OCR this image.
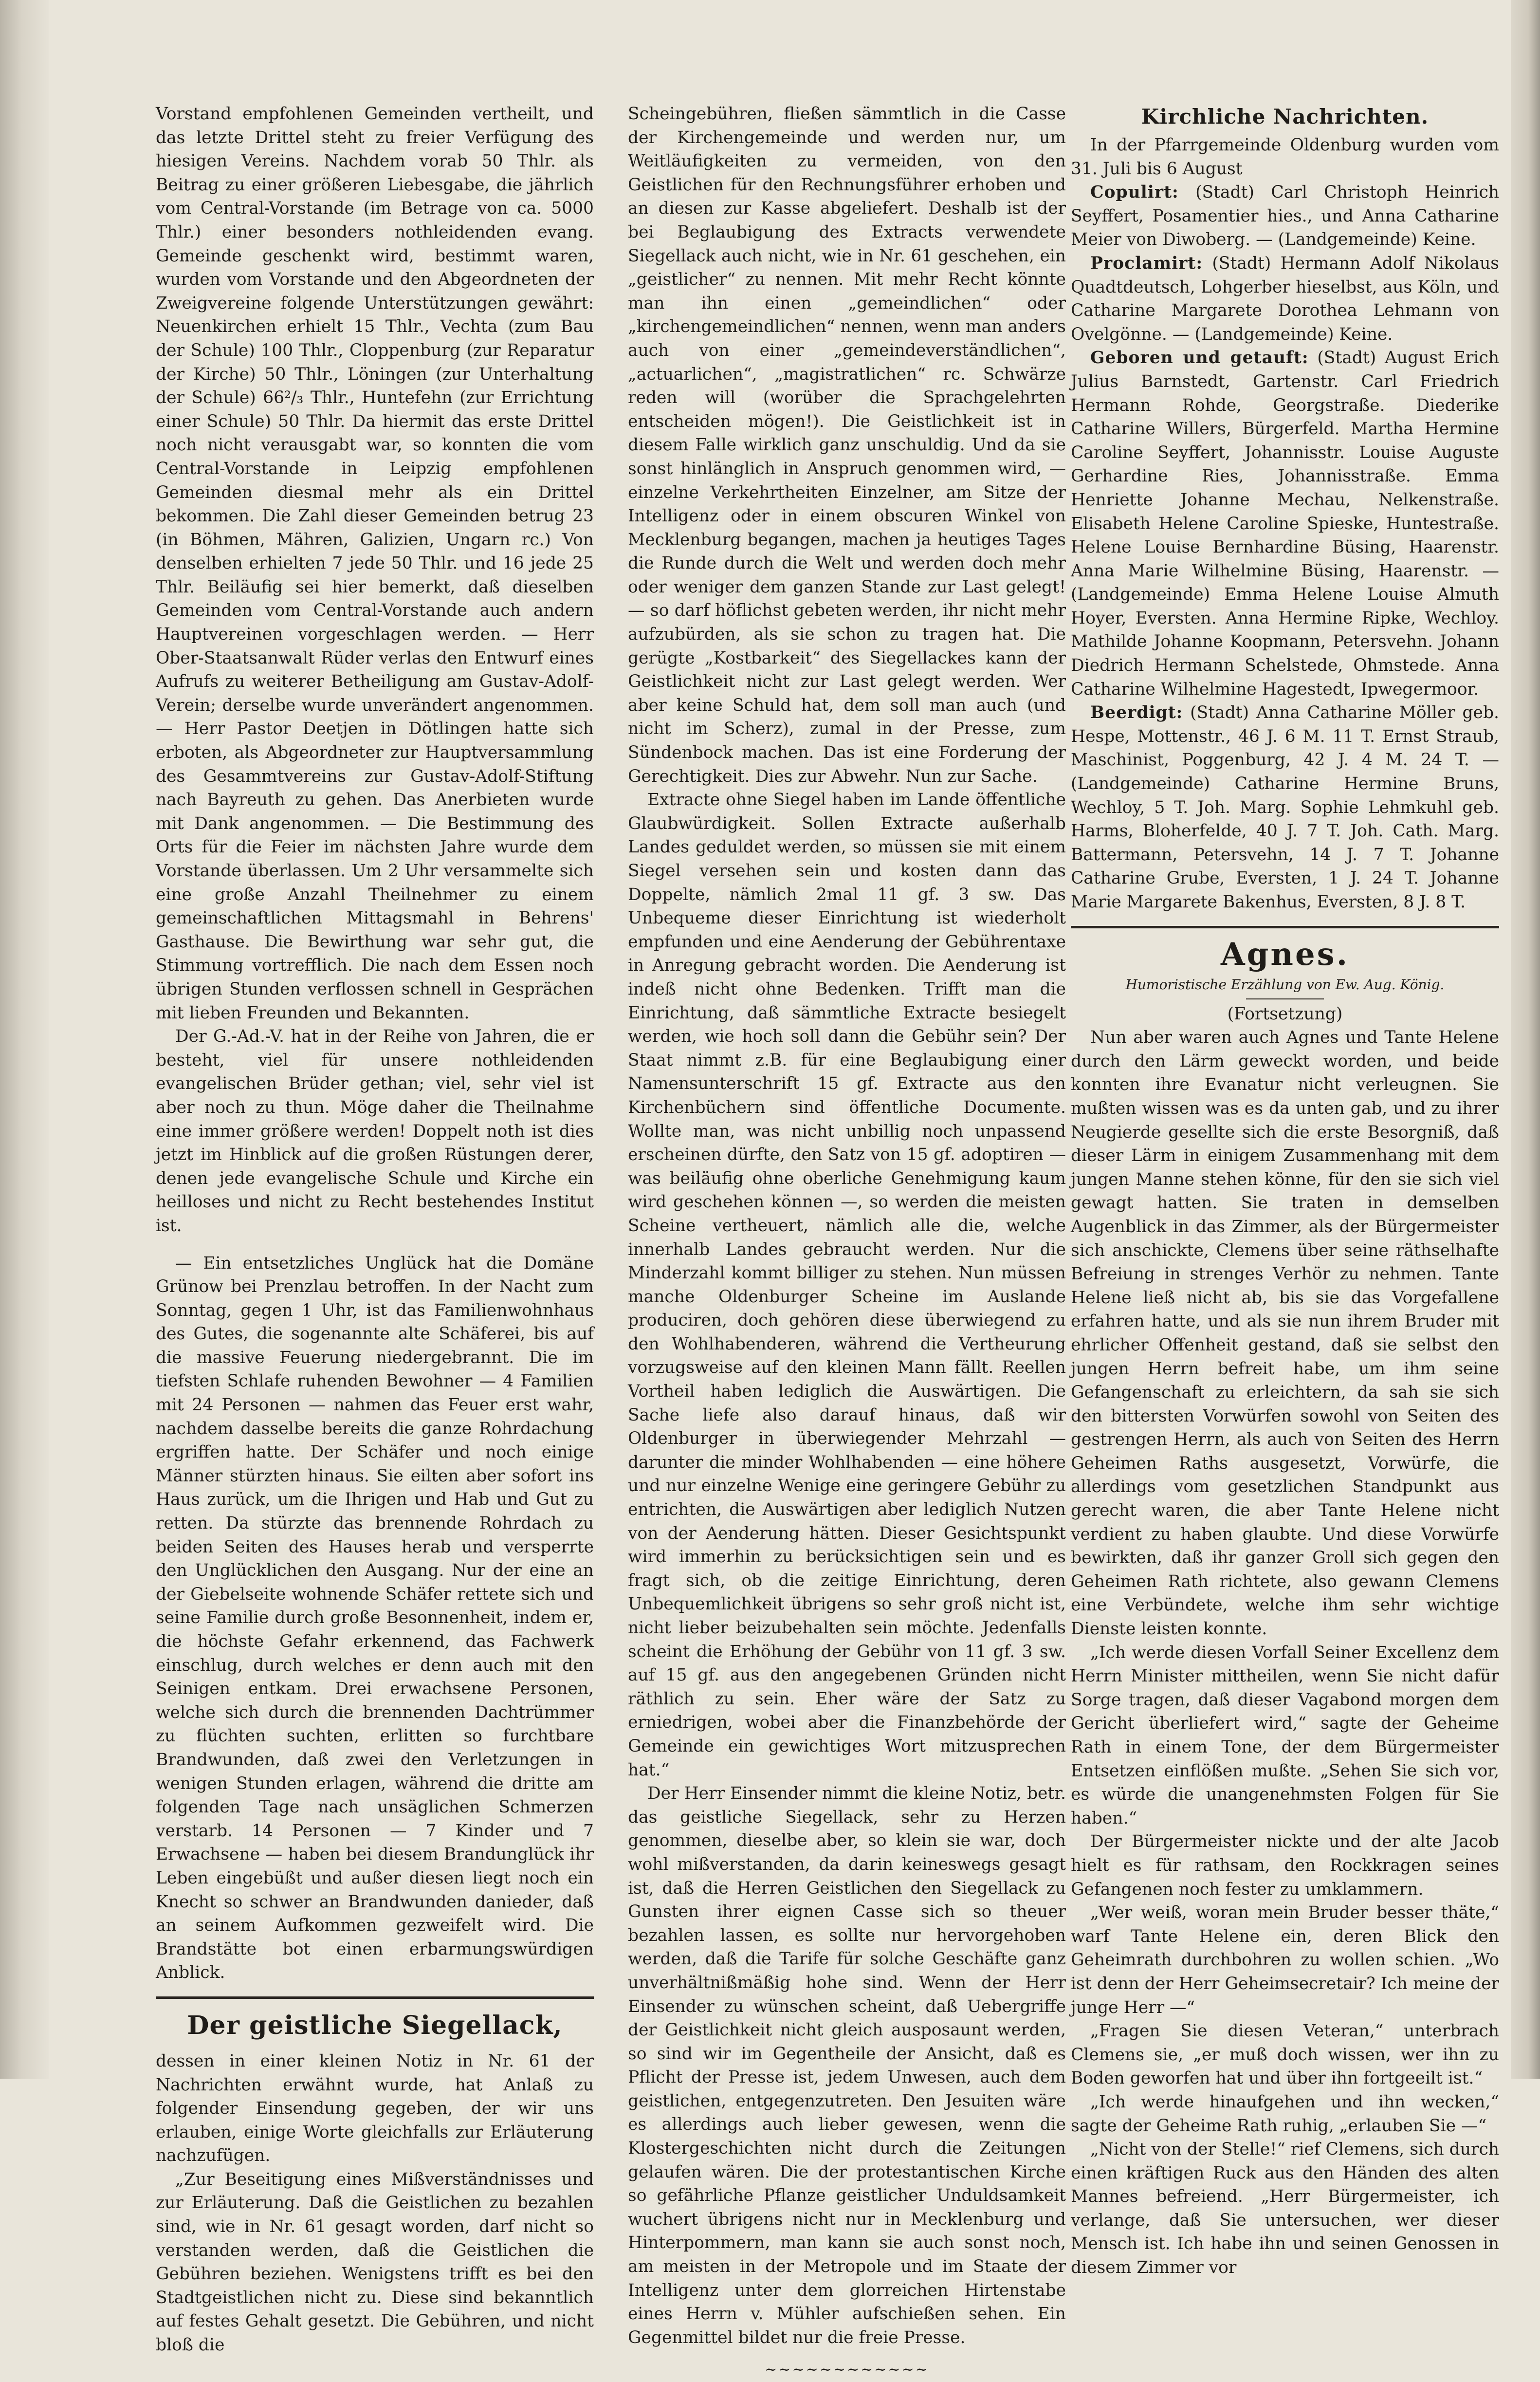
Vorstand empfohlenen Gemeinden vertheilt, und das letzte Drittel steht zu freier Verfügung des hiesigen Vereins. Nachdem vorab 50 Thlr. als Beitrag zu einer größeren Liebesgabe, die jährlich vom Central-Vorstande (im Betrage von ca. 5000 Thlr.) einer besonders nothleidenden evang. Gemeinde geschenkt wird, bestimmt waren, wurden vom Vorstande und den Abgeordneten der Zweigvereine folgende Unterstützungen gewährt: Neuenkirchen erhielt 15 Thlr., Vechta (zum Bau der Schule) 100 Thlr., Cloppenburg (zur Reparatur der Kirche) 50 Thlr., Löningen (zur Unterhaltung der Schule) 66²/₃ Thlr., Huntefehn (zur Errichtung einer Schule) 50 Thlr. Da hiermit das erste Drittel noch nicht verausgabt war, so konnten die vom Central-Vorstande in Leipzig empfohlenen Gemeinden diesmal mehr als ein Drittel bekommen. Die Zahl dieser Gemeinden betrug 23 (in Böhmen, Mähren, Galizien, Ungarn rc.) Von denselben erhielten 7 jede 50 Thlr. und 16 jede 25 Thlr. Beiläufig sei hier bemerkt, daß dieselben Gemeinden vom Central-Vorstande auch andern Hauptvereinen vorgeschlagen werden. — Herr Ober-Staatsanwalt Rüder verlas den Entwurf eines Aufrufs zu weiterer Betheiligung am Gustav-Adolf-Verein; derselbe wurde unverändert angenommen. — Herr Pastor Deetjen in Dötlingen hatte sich erboten, als Abgeordneter zur Hauptversammlung des Gesammtvereins zur Gustav-Adolf-Stiftung nach Bayreuth zu gehen. Das Anerbieten wurde mit Dank angenommen. — Die Bestimmung des Orts für die Feier im nächsten Jahre wurde dem Vorstande überlassen. Um 2 Uhr versammelte sich eine große Anzahl Theilnehmer zu einem gemeinschaftlichen Mittagsmahl in Behrens' Gasthause. Die Bewirthung war sehr gut, die Stimmung vortrefflich. Die nach dem Essen noch übrigen Stunden verflossen schnell in Gesprächen mit lieben Freunden und Bekannten.

Der G.-Ad.-V. hat in der Reihe von Jahren, die er besteht, viel für unsere nothleidenden evangelischen Brüder gethan; viel, sehr viel ist aber noch zu thun. Möge daher die Theilnahme eine immer größere werden! Doppelt noth ist dies jetzt im Hinblick auf die großen Rüstungen derer, denen jede evangelische Schule und Kirche ein heilloses und nicht zu Recht bestehendes Institut ist.

— Ein entsetzliches Unglück hat die Domäne Grünow bei Prenzlau betroffen. In der Nacht zum Sonntag, gegen 1 Uhr, ist das Familienwohnhaus des Gutes, die sogenannte alte Schäferei, bis auf die massive Feuerung niedergebrannt. Die im tiefsten Schlafe ruhenden Bewohner — 4 Familien mit 24 Personen — nahmen das Feuer erst wahr, nachdem dasselbe bereits die ganze Rohrdachung ergriffen hatte. Der Schäfer und noch einige Männer stürzten hinaus. Sie eilten aber sofort ins Haus zurück, um die Ihrigen und Hab und Gut zu retten. Da stürzte das brennende Rohrdach zu beiden Seiten des Hauses herab und versperrte den Unglücklichen den Ausgang. Nur der eine an der Giebelseite wohnende Schäfer rettete sich und seine Familie durch große Besonnenheit, indem er, die höchste Gefahr erkennend, das Fachwerk einschlug, durch welches er denn auch mit den Seinigen entkam. Drei erwachsene Personen, welche sich durch die brennenden Dachtrümmer zu flüchten suchten, erlitten so furchtbare Brandwunden, daß zwei den Verletzungen in wenigen Stunden erlagen, während die dritte am folgenden Tage nach unsäglichen Schmerzen verstarb. 14 Personen — 7 Kinder und 7 Erwachsene — haben bei diesem Brandunglück ihr Leben eingebüßt und außer diesen liegt noch ein Knecht so schwer an Brandwunden danieder, daß an seinem Aufkommen gezweifelt wird. Die Brandstätte bot einen erbarmungswürdigen Anblick.

Der geistliche Siegellack,

dessen in einer kleinen Notiz in Nr. 61 der Nachrichten erwähnt wurde, hat Anlaß zu folgender Einsendung gegeben, der wir uns erlauben, einige Worte gleichfalls zur Erläuterung nachzufügen.

„Zur Beseitigung eines Mißverständnisses und zur Erläuterung. Daß die Geistlichen zu bezahlen sind, wie in Nr. 61 gesagt worden, darf nicht so verstanden werden, daß die Geistlichen die Gebühren beziehen. Wenigstens trifft es bei den Stadtgeistlichen nicht zu. Diese sind bekanntlich auf festes Gehalt gesetzt. Die Gebühren, und nicht bloß die

Scheingebühren, fließen sämmtlich in die Casse der Kirchengemeinde und werden nur, um Weitläufigkeiten zu vermeiden, von den Geistlichen für den Rechnungsführer erhoben und an diesen zur Kasse abgeliefert. Deshalb ist der bei Beglaubigung des Extracts verwendete Siegellack auch nicht, wie in Nr. 61 geschehen, ein „geistlicher“ zu nennen. Mit mehr Recht könnte man ihn einen „gemeindlichen“ oder „kirchengemeindlichen“ nennen, wenn man anders auch von einer „gemeindeverständlichen“, „actuarlichen“, „magistratlichen“ rc. Schwärze reden will (worüber die Sprachgelehrten entscheiden mögen!). Die Geistlichkeit ist in diesem Falle wirklich ganz unschuldig. Und da sie sonst hinlänglich in Anspruch genommen wird, — einzelne Verkehrtheiten Einzelner, am Sitze der Intelligenz oder in einem obscuren Winkel von Mecklenburg begangen, machen ja heutiges Tages die Runde durch die Welt und werden doch mehr oder weniger dem ganzen Stande zur Last gelegt! — so darf höflichst gebeten werden, ihr nicht mehr aufzubürden, als sie schon zu tragen hat. Die gerügte „Kostbarkeit“ des Siegellackes kann der Geistlichkeit nicht zur Last gelegt werden. Wer aber keine Schuld hat, dem soll man auch (und nicht im Scherz), zumal in der Presse, zum Sündenbock machen. Das ist eine Forderung der Gerechtigkeit. Dies zur Abwehr. Nun zur Sache.

Extracte ohne Siegel haben im Lande öffentliche Glaubwürdigkeit. Sollen Extracte außerhalb Landes geduldet werden, so müssen sie mit einem Siegel versehen sein und kosten dann das Doppelte, nämlich 2mal 11 gf. 3 sw. Das Unbequeme dieser Einrichtung ist wiederholt empfunden und eine Aenderung der Gebührentaxe in Anregung gebracht worden. Die Aenderung ist indeß nicht ohne Bedenken. Trifft man die Einrichtung, daß sämmtliche Extracte besiegelt werden, wie hoch soll dann die Gebühr sein? Der Staat nimmt z.B. für eine Beglaubigung einer Namensunterschrift 15 gf. Extracte aus den Kirchenbüchern sind öffentliche Documente. Wollte man, was nicht unbillig noch unpassend erscheinen dürfte, den Satz von 15 gf. adoptiren — was beiläufig ohne oberliche Genehmigung kaum wird geschehen können —, so werden die meisten Scheine vertheuert, nämlich alle die, welche innerhalb Landes gebraucht werden. Nur die Minderzahl kommt billiger zu stehen. Nun müssen manche Oldenburger Scheine im Auslande produciren, doch gehören diese überwiegend zu den Wohlhabenderen, während die Vertheurung vorzugsweise auf den kleinen Mann fällt. Reellen Vortheil haben lediglich die Auswärtigen. Die Sache liefe also darauf hinaus, daß wir Oldenburger in überwiegender Mehrzahl — darunter die minder Wohlhabenden — eine höhere und nur einzelne Wenige eine geringere Gebühr zu entrichten, die Auswärtigen aber lediglich Nutzen von der Aenderung hätten. Dieser Gesichtspunkt wird immerhin zu berücksichtigen sein und es fragt sich, ob die zeitige Einrichtung, deren Unbequemlichkeit übrigens so sehr groß nicht ist, nicht lieber beizubehalten sein möchte. Jedenfalls scheint die Erhöhung der Gebühr von 11 gf. 3 sw. auf 15 gf. aus den angegebenen Gründen nicht räthlich zu sein. Eher wäre der Satz zu erniedrigen, wobei aber die Finanzbehörde der Gemeinde ein gewichtiges Wort mitzusprechen hat.“

Der Herr Einsender nimmt die kleine Notiz, betr. das geistliche Siegellack, sehr zu Herzen genommen, dieselbe aber, so klein sie war, doch wohl mißverstanden, da darin keineswegs gesagt ist, daß die Herren Geistlichen den Siegellack zu Gunsten ihrer eignen Casse sich so theuer bezahlen lassen, es sollte nur hervorgehoben werden, daß die Tarife für solche Geschäfte ganz unverhältnißmäßig hohe sind. Wenn der Herr Einsender zu wünschen scheint, daß Uebergriffe der Geistlichkeit nicht gleich ausposaunt werden, so sind wir im Gegentheile der Ansicht, daß es Pflicht der Presse ist, jedem Unwesen, auch dem geistlichen, entgegenzutreten. Den Jesuiten wäre es allerdings auch lieber gewesen, wenn die Klostergeschichten nicht durch die Zeitungen gelaufen wären. Die der protestantischen Kirche so gefährliche Pflanze geistlicher Unduldsamkeit wuchert übrigens nicht nur in Mecklenburg und Hinterpommern, man kann sie auch sonst noch, am meisten in der Metropole und im Staate der Intelligenz unter dem glorreichen Hirtenstabe eines Herrn v. Mühler aufschießen sehen. Ein Gegenmittel bildet nur die freie Presse.

~~~~~~~~~~~~
Kirchliche Nachrichten.

In der Pfarrgemeinde Oldenburg wurden vom 31. Juli bis 6 August

Copulirt: (Stadt) Carl Christoph Heinrich Seyffert, Posamentier hies., und Anna Catharine Meier von Diwoberg. — (Landgemeinde) Keine.

Proclamirt: (Stadt) Hermann Adolf Nikolaus Quadtdeutsch, Lohgerber hieselbst, aus Köln, und Catharine Margarete Dorothea Lehmann von Ovelgönne. — (Landgemeinde) Keine.

Geboren und getauft: (Stadt) August Erich Julius Barnstedt, Gartenstr. Carl Friedrich Hermann Rohde, Georgstraße. Diederike Catharine Willers, Bürgerfeld. Martha Hermine Caroline Seyffert, Johannisstr. Louise Auguste Gerhardine Ries, Johannisstraße. Emma Henriette Johanne Mechau, Nelkenstraße. Elisabeth Helene Caroline Spieske, Huntestraße. Helene Louise Bernhardine Büsing, Haarenstr. Anna Marie Wilhelmine Büsing, Haarenstr. — (Landgemeinde) Emma Helene Louise Almuth Hoyer, Eversten. Anna Hermine Ripke, Wechloy. Mathilde Johanne Koopmann, Petersvehn. Johann Diedrich Hermann Schelstede, Ohmstede. Anna Catharine Wilhelmine Hagestedt, Ipwegermoor.

Beerdigt: (Stadt) Anna Catharine Möller geb. Hespe, Mottenstr., 46 J. 6 M. 11 T. Ernst Straub, Maschinist, Poggenburg, 42 J. 4 M. 24 T. — (Landgemeinde) Catharine Hermine Bruns, Wechloy, 5 T. Joh. Marg. Sophie Lehmkuhl geb. Harms, Bloherfelde, 40 J. 7 T. Joh. Cath. Marg. Battermann, Petersvehn, 14 J. 7 T. Johanne Catharine Grube, Eversten, 1 J. 24 T. Johanne Marie Margarete Bakenhus, Eversten, 8 J. 8 T.

Agnes.
Humoristische Erzählung von Ew. Aug. König.

(Fortsetzung)

Nun aber waren auch Agnes und Tante Helene durch den Lärm geweckt worden, und beide konnten ihre Evanatur nicht verleugnen. Sie mußten wissen was es da unten gab, und zu ihrer Neugierde gesellte sich die erste Besorgniß, daß dieser Lärm in einigem Zusammenhang mit dem jungen Manne stehen könne, für den sie sich viel gewagt hatten. Sie traten in demselben Augenblick in das Zimmer, als der Bürgermeister sich anschickte, Clemens über seine räthselhafte Befreiung in strenges Verhör zu nehmen. Tante Helene ließ nicht ab, bis sie das Vorgefallene erfahren hatte, und als sie nun ihrem Bruder mit ehrlicher Offenheit gestand, daß sie selbst den jungen Herrn befreit habe, um ihm seine Gefangenschaft zu erleichtern, da sah sie sich den bittersten Vorwürfen sowohl von Seiten des gestrengen Herrn, als auch von Seiten des Herrn Geheimen Raths ausgesetzt, Vorwürfe, die allerdings vom gesetzlichen Standpunkt aus gerecht waren, die aber Tante Helene nicht verdient zu haben glaubte. Und diese Vorwürfe bewirkten, daß ihr ganzer Groll sich gegen den Geheimen Rath richtete, also gewann Clemens eine Verbündete, welche ihm sehr wichtige Dienste leisten konnte.

„Ich werde diesen Vorfall Seiner Excellenz dem Herrn Minister mittheilen, wenn Sie nicht dafür Sorge tragen, daß dieser Vagabond morgen dem Gericht überliefert wird,“ sagte der Geheime Rath in einem Tone, der dem Bürgermeister Entsetzen einflößen mußte. „Sehen Sie sich vor, es würde die unangenehmsten Folgen für Sie haben.“

Der Bürgermeister nickte und der alte Jacob hielt es für rathsam, den Rockkragen seines Gefangenen noch fester zu umklammern.

„Wer weiß, woran mein Bruder besser thäte,“ warf Tante Helene ein, deren Blick den Geheimrath durchbohren zu wollen schien. „Wo ist denn der Herr Geheimsecretair? Ich meine der junge Herr —“

„Fragen Sie diesen Veteran,“ unterbrach Clemens sie, „er muß doch wissen, wer ihn zu Boden geworfen hat und über ihn fortgeeilt ist.“

„Ich werde hinaufgehen und ihn wecken,“ sagte der Geheime Rath ruhig, „erlauben Sie —“

„Nicht von der Stelle!“ rief Clemens, sich durch einen kräftigen Ruck aus den Händen des alten Mannes befreiend. „Herr Bürgermeister, ich verlange, daß Sie untersuchen, wer dieser Mensch ist. Ich habe ihn und seinen Genossen in diesem Zimmer vor
